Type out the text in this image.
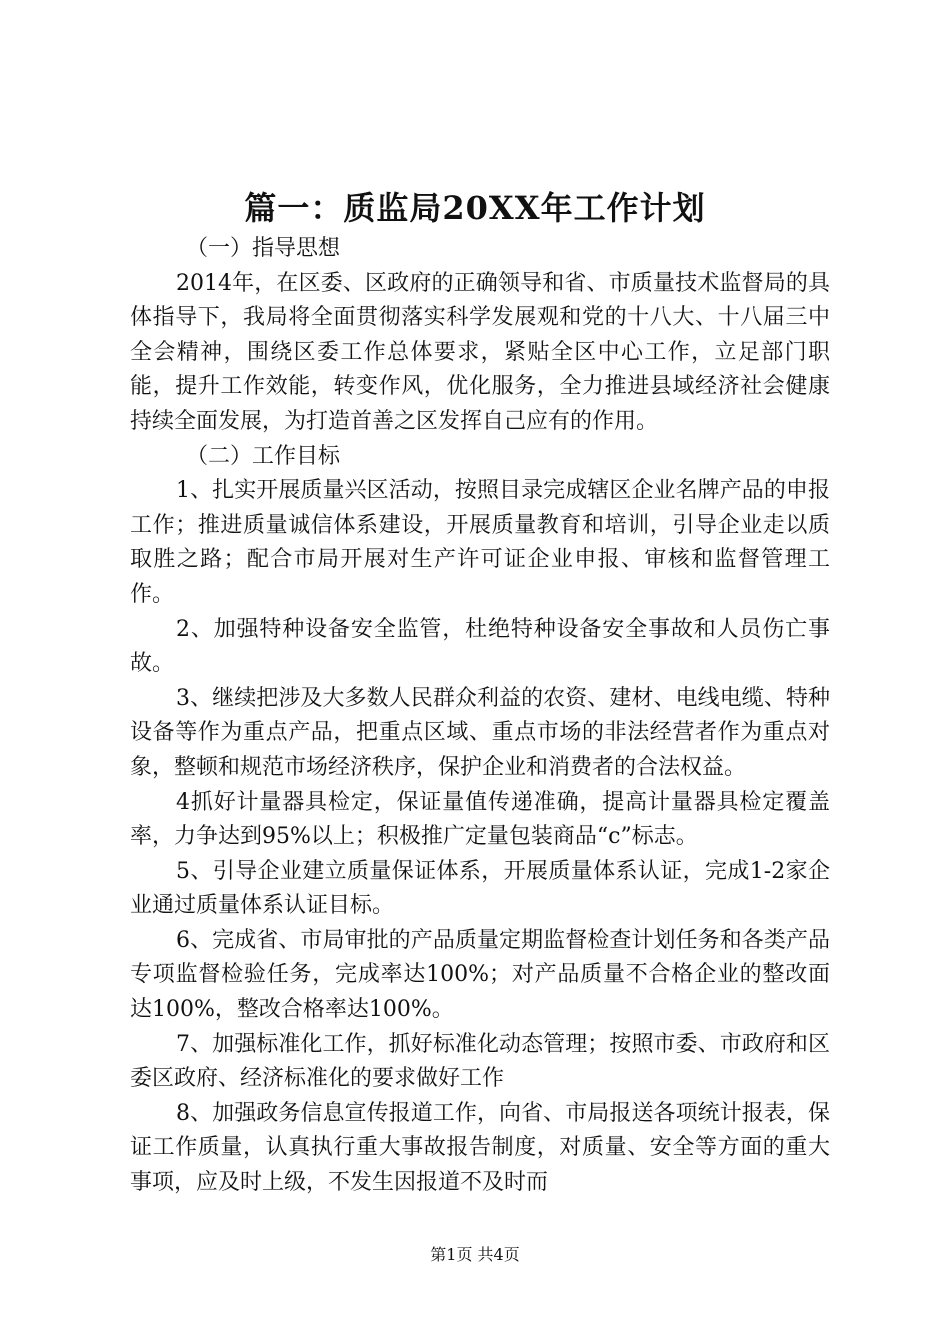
篇一：质监局20XX年工作计划

（一）指导思想

2014年，在区委、区政府的正确领导和省、市质量技术监督局的具体指导下，我局将全面贯彻落实科学发展观和党的十八大、十八届三中全会精神，围绕区委工作总体要求，紧贴全区中心工作，立足部门职能，提升工作效能，转变作风，优化服务，全力推进县域经济社会健康持续全面发展，为打造首善之区发挥自己应有的作用。

（二）工作目标

1、扎实开展质量兴区活动，按照目录完成辖区企业名牌产品的申报工作；推进质量诚信体系建设，开展质量教育和培训，引导企业走以质取胜之路；配合市局开展对生产许可证企业申报、审核和监督管理工作。

2、加强特种设备安全监管，杜绝特种设备安全事故和人员伤亡事故。

3、继续把涉及大多数人民群众利益的农资、建材、电线电缆、特种设备等作为重点产品，把重点区域、重点市场的非法经营者作为重点对象，整顿和规范市场经济秩序，保护企业和消费者的合法权益。

4抓好计量器具检定，保证量值传递准确，提高计量器具检定覆盖率，力争达到95%以上；积极推广定量包装商品“c”标志。

5、引导企业建立质量保证体系，开展质量体系认证，完成1-2家企业通过质量体系认证目标。

6、完成省、市局审批的产品质量定期监督检查计划任务和各类产品专项监督检验任务，完成率达100%；对产品质量不合格企业的整改面达100%，整改合格率达100%。

7、加强标准化工作，抓好标准化动态管理；按照市委、市政府和区委区政府、经济标准化的要求做好工作

8、加强政务信息宣传报道工作，向省、市局报送各项统计报表，保证工作质量，认真执行重大事故报告制度，对质量、安全等方面的重大事项，应及时上级，不发生因报道不及时而

第1页 共4页
